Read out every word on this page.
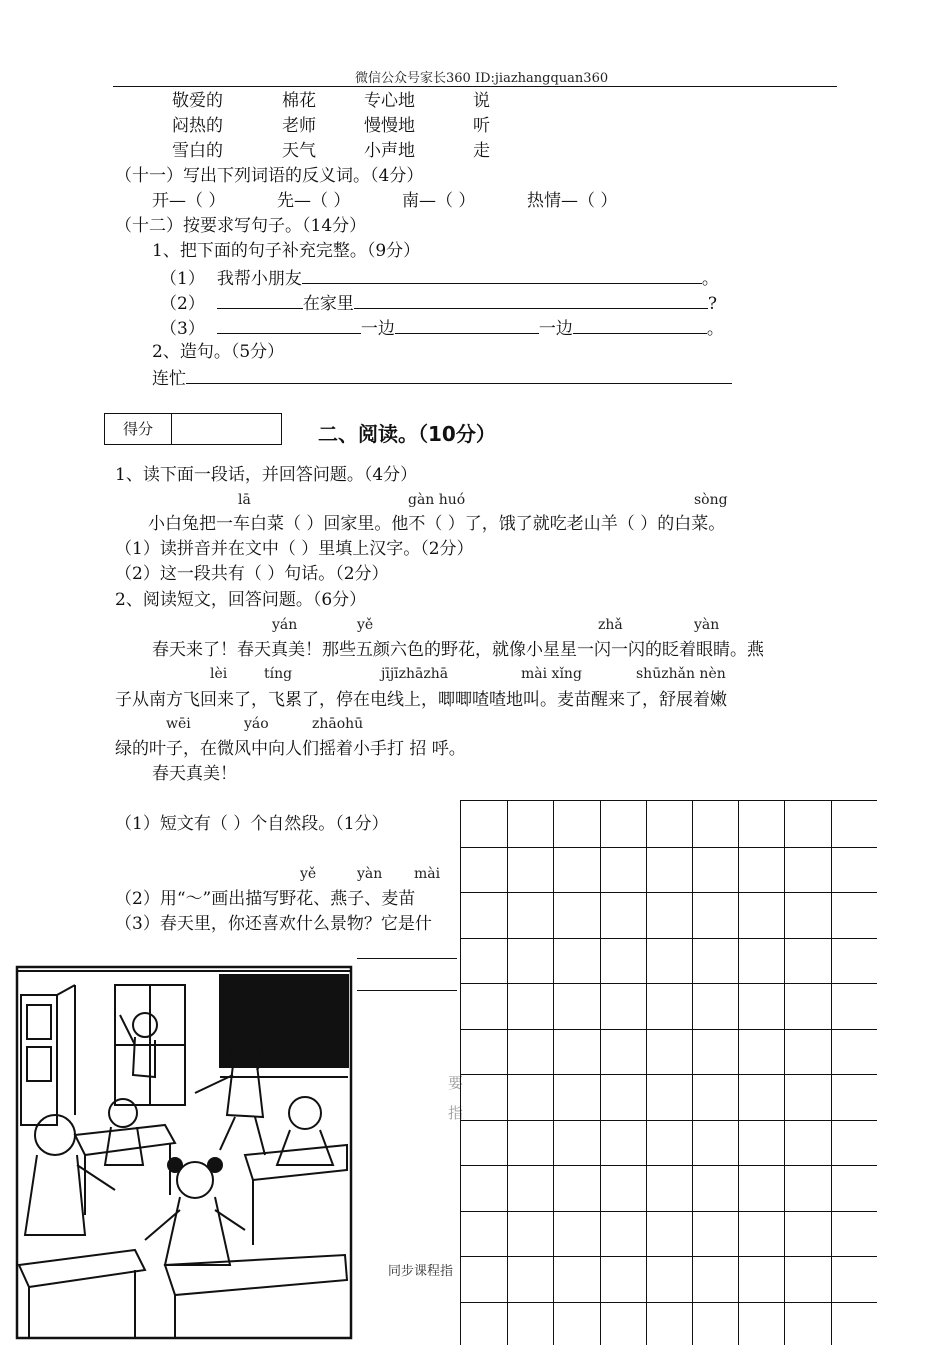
微信公众号家长360 ID:jiazhangquan360
敬爱的	棉花	专心地	说
闷热的	老师	慢慢地	听
雪白的	天气	小声地	走
（十一）写出下列词语的反义词。（4分）
开—（ ）	先—（ ）	南—（ ）	热情—（ ）
（十二）按要求写句子。（14分）
1、把下面的句子补充完整。（9分）
（1） 我帮小朋友	。
（2）	在家里	?
（3）	一边	一边	。
2、造句。（5分）
连忙
得分	二、阅读。（10分）
1、读下面一段话，并回答问题。（4分）
lā	gàn huó	sòng
小白兔把一车白菜（ ）回家里。他不（ ）了，饿了就吃老山羊（ ）的白菜。
（1）读拼音并在文中（ ）里填上汉字。（2分）
（2）这一段共有（ ）句话。（2分）
2、阅读短文，回答问题。（6分）
yán	yě	zhǎ	yàn
春天来了！春天真美！那些五颜六色的野花，就像小星星一闪一闪的眨着眼睛。燕
lèi	tíng	jījīzhāzhā	mài xǐng	shūzhǎn nèn
子从南方飞回来了，飞累了，停在电线上，唧唧喳喳地叫。麦苗醒来了，舒展着嫩
wēi	yáo	zhāohū
绿的叶子，在微风中向人们摇着小手打 招 呼。
春天真美！
（1）短文有（ ）个自然段。（1分）
yě	yàn mài
（2）用“～”画出描写野花、燕子、麦苗
（3）春天里，你还喜欢什么景物？它是什
要
指
同步课程指
